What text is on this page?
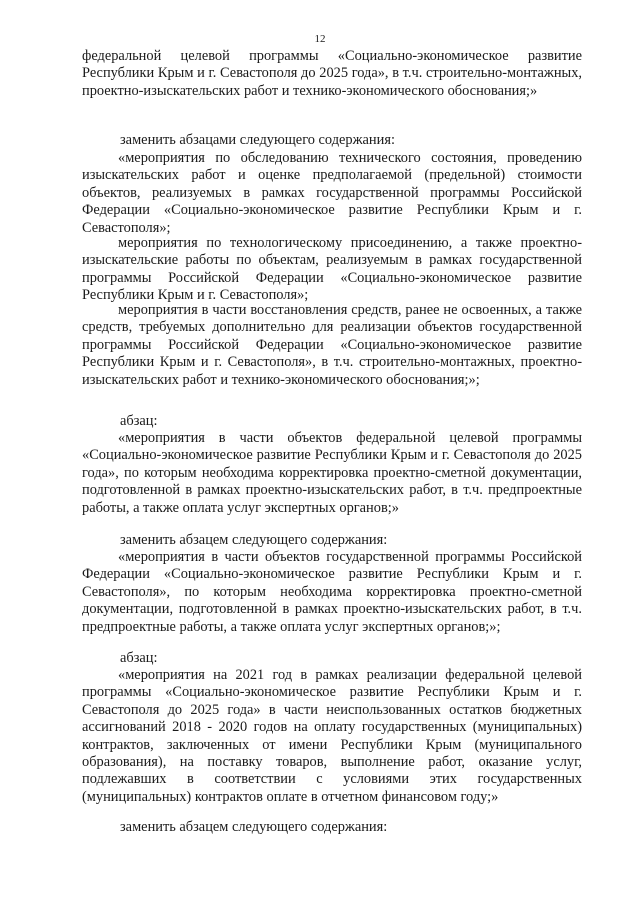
12

федеральной целевой программы «Социально-экономическое развитие Республики Крым и г. Севастополя до 2025 года», в т.ч. строительно-монтажных, проектно-изыскательских работ и технико-экономического обоснования;»

заменить абзацами следующего содержания:

«мероприятия по обследованию технического состояния, проведению изыскательских работ и оценке предполагаемой (предельной) стоимости объектов, реализуемых в рамках государственной программы Российской Федерации «Социально-экономическое развитие Республики Крым и г. Севастополя»;

мероприятия по технологическому присоединению, а также проектно-изыскательские работы по объектам, реализуемым в рамках государственной программы Российской Федерации «Социально-экономическое развитие Республики Крым и г. Севастополя»;

мероприятия в части восстановления средств, ранее не освоенных, а также средств, требуемых дополнительно для реализации объектов государственной программы Российской Федерации «Социально-экономическое развитие Республики Крым и г. Севастополя», в т.ч. строительно-монтажных, проектно-изыскательских работ и технико-экономического обоснования;»;

абзац:

«мероприятия в части объектов федеральной целевой программы «Социально-экономическое развитие Республики Крым и г. Севастополя до 2025 года», по которым необходима корректировка проектно-сметной документации, подготовленной в рамках проектно-изыскательских работ, в т.ч. предпроектные работы, а также оплата услуг экспертных органов;»

заменить абзацем следующего содержания:

«мероприятия в части объектов государственной программы Российской Федерации «Социально-экономическое развитие Республики Крым и г. Севастополя», по которым необходима корректировка проектно-сметной документации, подготовленной в рамках проектно-изыскательских работ, в т.ч. предпроектные работы, а также оплата услуг экспертных органов;»;

абзац:

«мероприятия на 2021 год в рамках реализации федеральной целевой программы «Социально-экономическое развитие Республики Крым и г. Севастополя до 2025 года» в части неиспользованных остатков бюджетных ассигнований 2018 - 2020 годов на оплату государственных (муниципальных) контрактов, заключенных от имени Республики Крым (муниципального образования), на поставку товаров, выполнение работ, оказание услуг, подлежавших в соответствии с условиями этих государственных (муниципальных) контрактов оплате в отчетном финансовом году;»

заменить абзацем следующего содержания:
